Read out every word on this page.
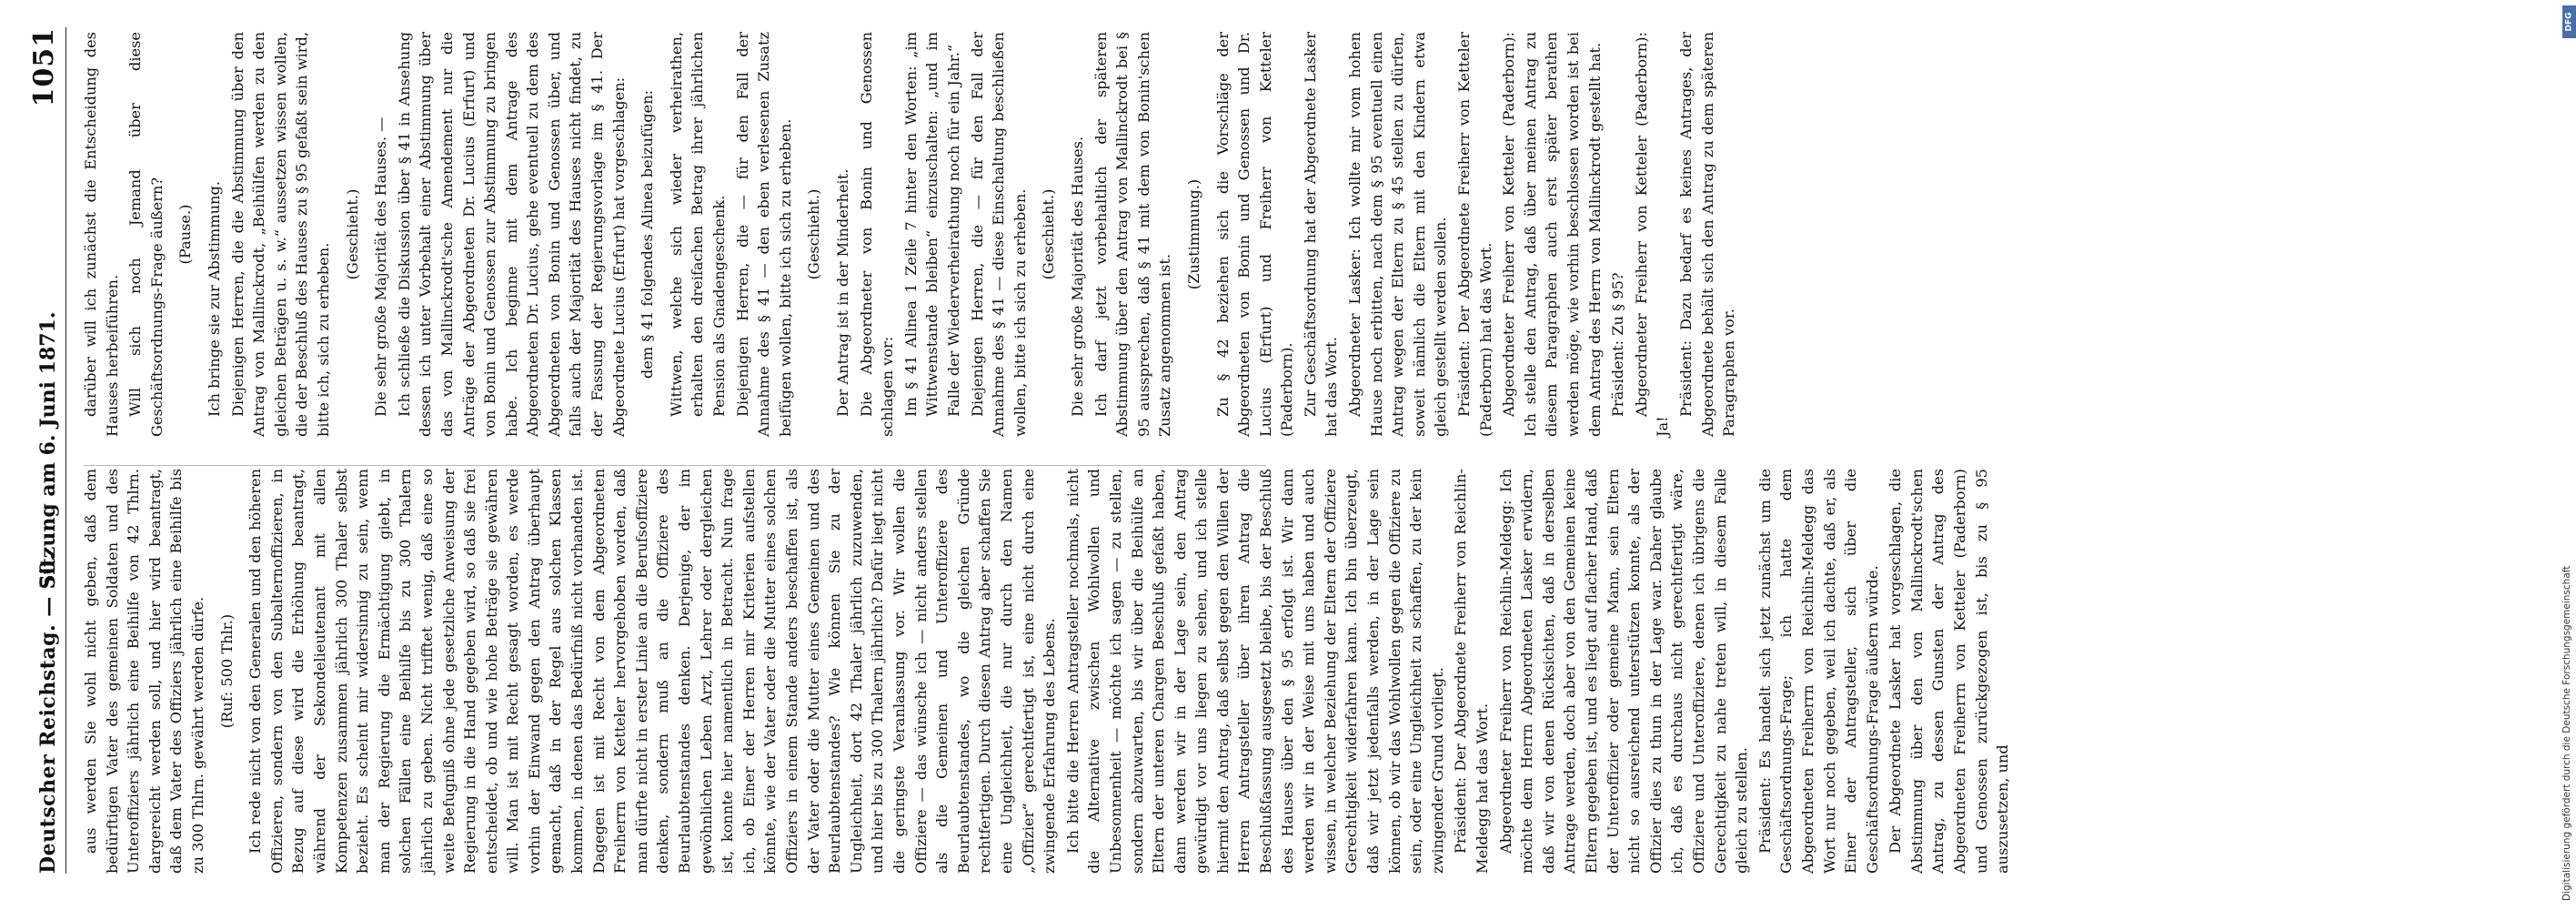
Deutscher Reichstag. — 50.
Sitzung am 6. Juni 1871.
1051

aus werden Sie wohl nicht geben, daß dem bedürftigen Vater des gemeinen Soldaten und des Unteroffiziers jährlich eine Beihilfe von 42 Thlrn. dargereicht werden soll, und hier wird beantragt, daß dem Vater des Offiziers jährlich eine Beihilfe bis zu 300 Thlrn. gewährt werden dürfe. (Ruf: 500 Thlr.) Ich rede nicht von den Generalen und den höheren Offizieren, sondern von den Subalternoffizieren, in Bezug auf diese wird die Erhöhung beantragt, während der Sekondelieutenant mit allen Kompetenzen zusammen jährlich 300 Thaler selbst bezieht. Es scheint mir widersinnig zu sein, wenn man der Regierung die Ermächtigung giebt, in solchen Fällen eine Beihilfe bis zu 300 Thalern jährlich zu geben. Nicht trifftet wenig, daß eine so weite Befugniß ohne jede gesetzliche Anweisung der Regierung in die Hand gegeben wird, so daß sie frei entscheidet, ob und wie hohe Beträge sie gewähren will. Man ist mit Recht gesagt worden, es werde vorhin der Einwand gegen den Antrag überhaupt gemacht, daß in der Regel aus solchen Klassen kommen, in denen das Bedürfniß nicht vorhanden ist. Dagegen ist mit Recht von dem Abgeordneten Freiherrn von Ketteler hervorgehoben worden, daß man dürfte nicht in erster Linie an die Berufsoffiziere denken, sondern muß an die Offiziere des Beurlaubtenstandes denken. Derjenige, der im gewöhnlichen Leben Arzt, Lehrer oder dergleichen ist, konnte hier namentlich in Betracht. Nun frage ich, ob Einer der Herren mir Kriterien aufstellen könnte, wie der Vater oder die Mutter eines solchen Offiziers in einem Stande anders beschaffen ist, als der Vater oder die Mutter eines Gemeinen und des Beurlaubtenstandes? Wie können Sie zu der Ungleichheit, dort 42 Thaler jährlich zuzuwenden, und hier bis zu 300 Thalern jährlich? Dafür liegt nicht die geringste Veranlassung vor. Wir wollen die Offiziere — das wünsche ich — nicht anders stellen als die Gemeinen und Unteroffiziere des Beurlaubtenstandes, wo die gleichen Gründe rechtfertigen. Durch diesen Antrag aber schaffen Sie eine Ungleichheit, die nur durch den Namen „Offizier“ gerechtfertigt ist, eine nicht durch eine zwingende Erfahrung des Lebens. Ich bitte die Herren Antragsteller nochmals, nicht die Alternative zwischen Wohlwollen und Unbesonnenheit — möchte ich sagen — zu stellen, sondern abzuwarten, bis wir über die Beihülfe an Eltern der unteren Chargen Beschluß gefaßt haben, dann werden wir in der Lage sein, den Antrag gewürdigt vor uns liegen zu sehen, und ich stelle hiermit den Antrag, daß selbst gegen den Willen der Herren Antragsteller über ihren Antrag die Beschlußfassung ausgesetzt bleibe, bis der Beschluß des Hauses über den § 95 erfolgt ist. Wir dann werden wir in der Weise mit uns haben und auch wissen, in welcher Beziehung der Eltern der Offiziere Gerechtigkeit widerfahren kann. Ich bin überzeugt, daß wir jetzt jedenfalls werden, in der Lage sein können, ob wir das Wohlwollen gegen die Offiziere zu sein, oder eine Ungleichheit zu schaffen, zu der kein zwingender Grund vorliegt. Präsident: Der Abgeordnete Freiherr von Reichlin-Meldegg hat das Wort. Abgeordneter Freiherr von Reichlin-Meldegg: Ich möchte dem Herrn Abgeordneten Lasker erwidern, daß wir von denen Rücksichten, daß in derselben Antrage werden, doch aber von den Gemeinen keine Eltern gegeben ist, und es liegt auf flacher Hand, daß der Unteroffizier oder gemeine Mann, sein Eltern nicht so ausreichend unterstützen konnte, als der Offizier dies zu thun in der Lage war. Daher glaube ich, daß es durchaus nicht gerechtfertigt wäre, Offiziere und Unteroffiziere, denen ich übrigens die Gerechtigkeit zu nahe treten will, in diesem Falle gleich zu stellen. Präsident: Es handelt sich jetzt zunächst um die Geschäftsordnungs-Frage; ich hatte dem Abgeordneten Freiherrn von Reichlin-Meldegg das Wort nur noch gegeben, weil ich dachte, daß er, als Einer der Antragsteller, sich über die Geschäftsordnungs-Frage äußern würde. Der Abgeordnete Lasker hat vorgeschlagen, die Abstimmung über den von Mallinckrodt'schen Antrag, zu dessen Gunsten der Antrag des Abgeordneten Freiherrn von Ketteler (Paderborn) und Genossen zurückgezogen ist, bis zu § 95 auszusetzen, und

darüber will ich zunächst die Entscheidung des Hauses herbeiführen. Will sich noch Jemand über diese Geschäftsordnungs-Frage äußern? (Pause.) Ich bringe sie zur Abstimmung. Diejenigen Herren, die die Abstimmung über den Antrag von Mallinckrodt, „Beihülfen werden zu den gleichen Beträgen u. s. w.“ aussetzen wissen wollen, die der Beschluß des Hauses zu § 95 gefaßt sein wird, bitte ich, sich zu erheben.

(Geschieht.) Die sehr große Majorität des Hauses. — Ich schließe die Diskussion über § 41 in Ansehung dessen ich unter Vorbehalt einer Abstimmung über das von Mallinckrodt'sche Amendement nur die Anträge der Abgeordneten Dr. Lucius (Erfurt) und von Bonin und Genossen zur Abstimmung zu bringen habe. Ich beginne mit dem Antrage des Abgeordneten Dr. Lucius, gehe eventuell zu dem des Abgeordneten von Bonin und Genossen über, und falls auch der Majorität des Hauses nicht findet, zu der Fassung der Regierungsvorlage im § 41. Der Abgeordnete Lucius (Erfurt) hat vorgeschlagen: dem § 41 folgendes Alinea beizufügen: Wittwen, welche sich wieder verheirathen, erhalten den dreifachen Betrag ihrer jährlichen Pension als Gnadengeschenk. Diejenigen Herren, die — für den Fall der Annahme des § 41 — den eben verlesenen Zusatz beifügen wollen, bitte ich sich zu erheben. (Geschieht.) Der Antrag ist in der Minderheit. Die Abgeordneter von Bonin und Genossen schlagen vor: Im § 41 Alinea 1 Zeile 7 hinter den Worten: „im Wittwenstande bleiben“ einzuschalten: „und im Falle der Wiederverheirathung noch für ein Jahr.“ Diejenigen Herren, die — für den Fall der Annahme des § 41 — diese Einschaltung beschließen wollen, bitte ich sich zu erheben. (Geschieht.) Die sehr große Majorität des Hauses. Ich darf jetzt vorbehaltlich der späteren Abstimmung über den Antrag von Mallinckrodt bei § 95 aussprechen, daß § 41 mit dem von Bonin'schen Zusatz angenommen ist.

(Zustimmung.) Zu § 42 beziehen sich die Vorschläge der Abgeordneten von Bonin und Genossen und Dr. Lucius (Erfurt) und Freiherr von Ketteler (Paderborn). Zur Geschäftsordnung hat der Abgeordnete Lasker hat das Wort. Abgeordneter Lasker: Ich wollte mir vom hohen Hause noch erbitten, nach dem § 95 eventuell einen Antrag wegen der Eltern zu § 45 stellen zu dürfen, soweit nämlich die Eltern mit den Kindern etwa gleich gestellt werden sollen. Präsident: Der Abgeordnete Freiherr von Ketteler (Paderborn) hat das Wort. Abgeordneter Freiherr von Ketteler (Paderborn): Ich stelle den Antrag, daß über meinen Antrag zu diesem Paragraphen auch erst später berathen werden möge, wie vorhin beschlossen worden ist bei dem Antrag des Herrn von Mallinckrodt gestellt hat. Präsident: Zu § 95? Abgeordneter Freiherr von Ketteler (Paderborn): Ja!

Präsident: Dazu bedarf es keines Antrages, der Abgeordnete behält sich den Antrag zu dem späteren Paragraphen vor.

DFG
Digitalisierung gefördert durch die Deutsche Forschungsgemeinschaft
